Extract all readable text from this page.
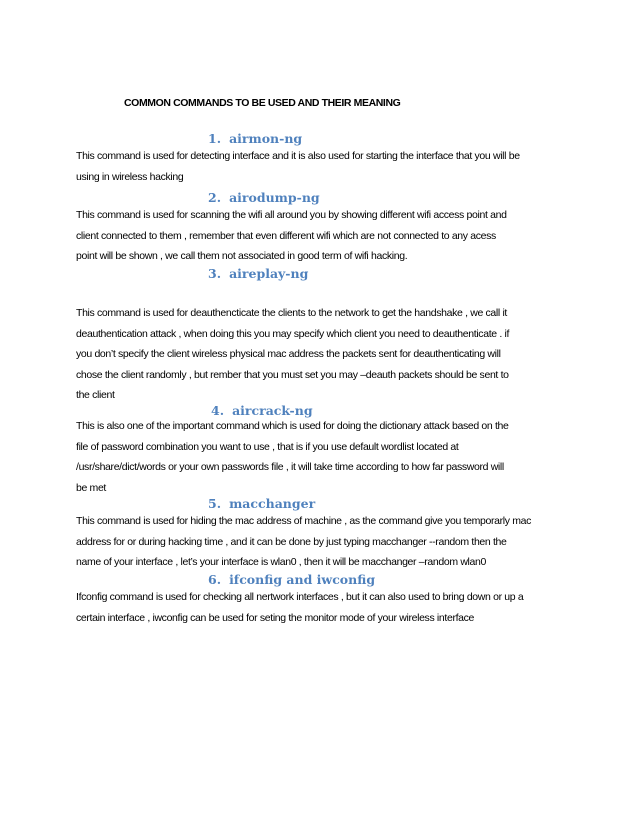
COMMON COMMANDS TO BE USED AND THEIR MEANING
1. airmon-ng
This command is used for detecting interface and it is also used for starting the interface that you will be
using in wireless hacking
2. airodump-ng
This command is used for scanning the wifi all around you by showing different wifi access point and
client connected to them , remember that even different wifi which are not connected to any acess
point will be shown , we call them not associated in good term of wifi hacking.
3. aireplay-ng
This command is used for deauthencticate the clients to the network to get the handshake , we call it
deauthentication attack , when doing this you may specify which client you need to deauthenticate . if
you don’t specify the client wireless physical mac address the packets sent for deauthenticating will
chose the client randomly , but rember that you must set you may –deauth packets should be sent to
the client
4. aircrack-ng
This is also one of the important command which is used for doing the dictionary attack based on the
file of password combination you want to use , that is if you use default wordlist located at
/usr/share/dict/words or your own passwords file , it will take time according to how far password will
be met
5. macchanger
This command is used for hiding the mac address of machine , as the command give you temporarly mac
address for or during hacking time , and it can be done by just typing macchanger --random then the
name of your interface , let’s your interface is wlan0 , then it will be macchanger –random wlan0
6. ifconfig and iwconfig
Ifconfig command is used for checking all nertwork interfaces , but it can also used to bring down or up a
certain interface , iwconfig can be used for seting the monitor mode of your wireless interface
